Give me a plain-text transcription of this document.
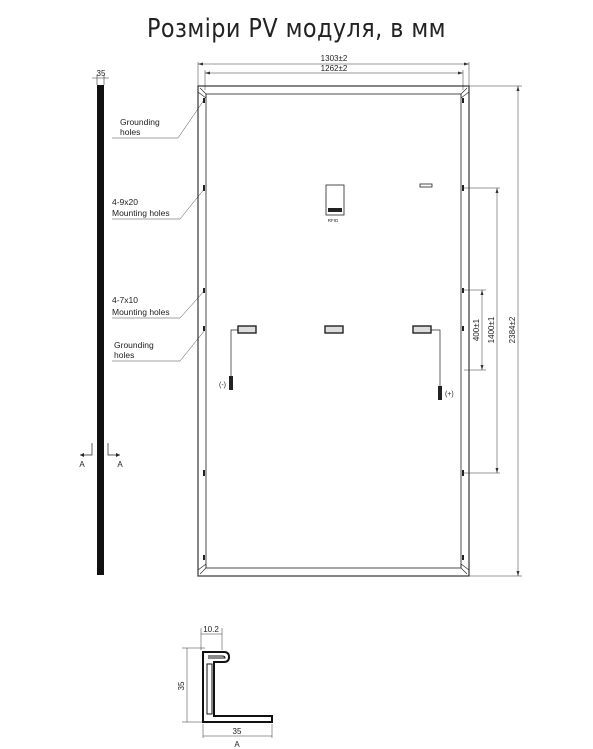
Розміри PV модуля, в мм
35
A	A
Grounding
holes
4-9x20
Mounting holes
4-7x10
Mounting holes
Grounding
holes
1303±2
1262±2
RFID
(-)
(+)
400±1 1400±1 2384±2
10.2
35
35
A
